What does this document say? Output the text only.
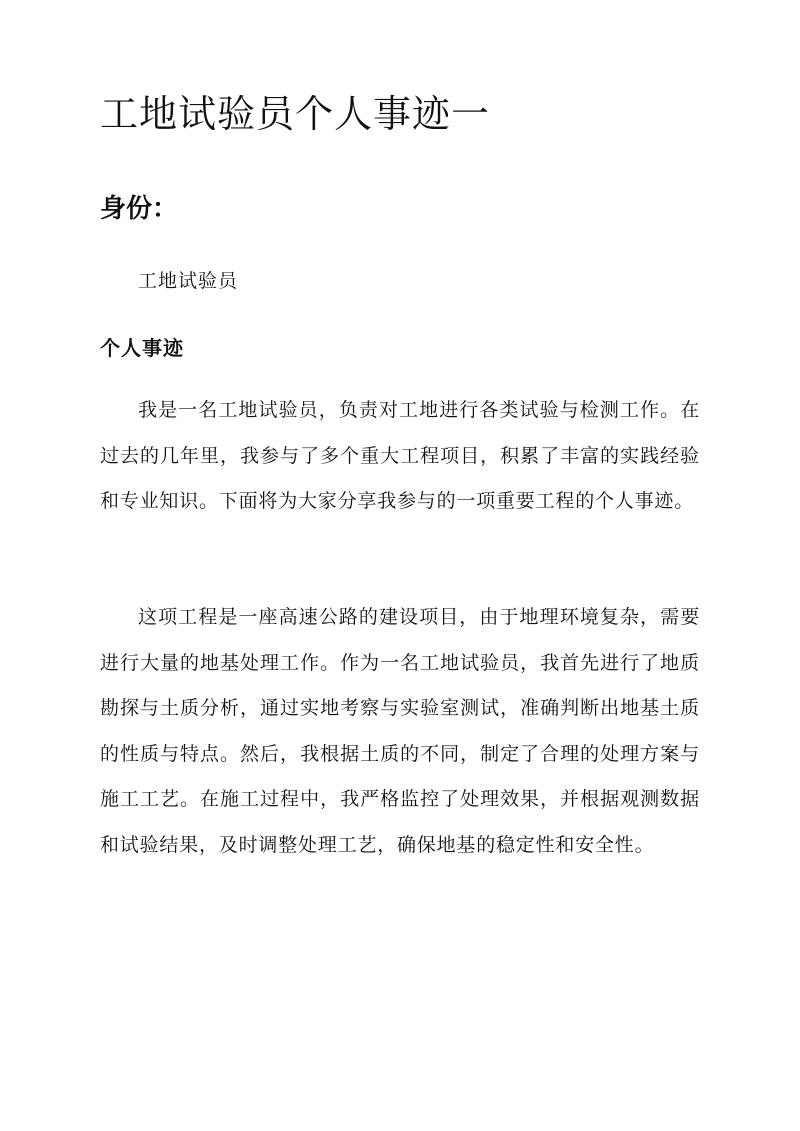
工地试验员个人事迹一
身份：

工地试验员

个人事迹

我是一名工地试验员，负责对工地进行各类试验与检测工作。在过去的几年里，我参与了多个重大工程项目，积累了丰富的实践经验和专业知识。下面将为大家分享我参与的一项重要工程的个人事迹。

这项工程是一座高速公路的建设项目，由于地理环境复杂，需要进行大量的地基处理工作。作为一名工地试验员，我首先进行了地质勘探与土质分析，通过实地考察与实验室测试，准确判断出地基土质的性质与特点。然后，我根据土质的不同，制定了合理的处理方案与施工工艺。在施工过程中，我严格监控了处理效果，并根据观测数据和试验结果，及时调整处理工艺，确保地基的稳定性和安全性。
